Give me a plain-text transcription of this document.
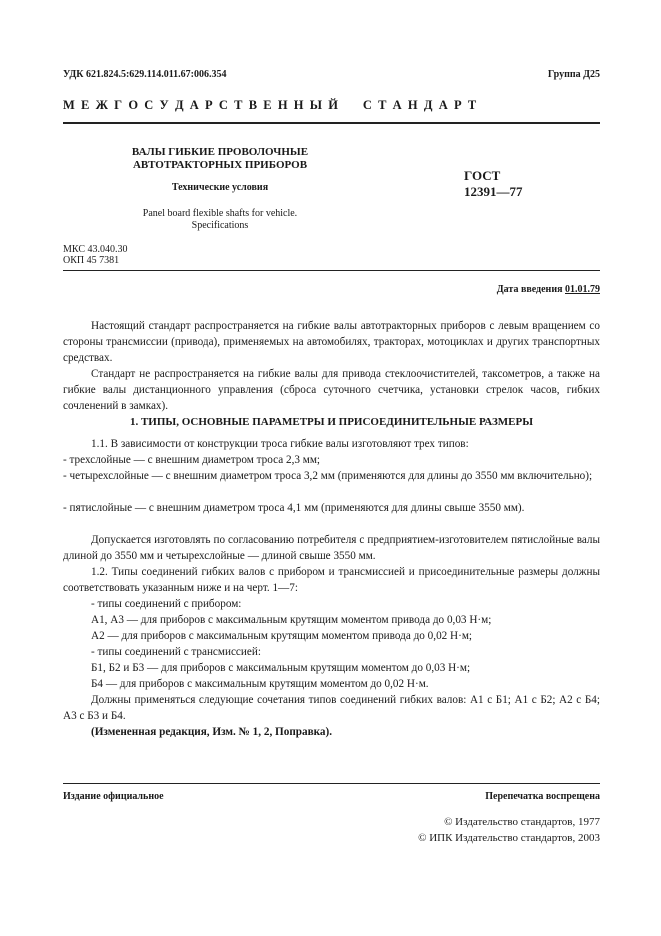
УДК 621.824.5:629.114.011.67:006.354	Группа Д25
М Е Ж Г О С У Д А Р С Т В Е Н Н Ы Й     С Т А Н Д А Р Т
ВАЛЫ ГИБКИЕ ПРОВОЛОЧНЫЕ
АВТОТРАКТОРНЫХ ПРИБОРОВ
Технические условия
Panel board flexible shafts for vehicle.
Specifications
ГОСТ
12391—77
МКС 43.040.30
ОКП 45 7381
Дата введения 01.01.79

Настоящий стандарт распространяется на гибкие валы автотракторных приборов с левым вращением со стороны трансмиссии (привода), применяемых на автомобилях, тракторах, мотоциклах и других транспортных средствах.

Стандарт не распространяется на гибкие валы для привода стеклоочистителей, таксометров, а также на гибкие валы дистанционного управления (сброса суточного счетчика, установки стрелок часов, гибких сочленений в замках).

1. ТИПЫ, ОСНОВНЫЕ ПАРАМЕТРЫ И ПРИСОЕДИНИТЕЛЬНЫЕ РАЗМЕРЫ

1.1. В зависимости от конструкции троса гибкие валы изготовляют трех типов:

- трехслойные — с внешним диаметром троса 2,3 мм;

- четырехслойные — с внешним диаметром троса 3,2 мм (применяются для длины до 3550 мм включительно);

- пятислойные — с внешним диаметром троса 4,1 мм (применяются для длины свыше 3550 мм).

Допускается изготовлять по согласованию потребителя с предприятием-изготовителем пятислойные валы длиной до 3550 мм и четырехслойные — длиной свыше 3550 мм.

1.2. Типы соединений гибких валов с прибором и трансмиссией и присоединительные размеры должны соответствовать указанным ниже и на черт. 1—7:

- типы соединений с прибором:

А1, А3 — для приборов с максимальным крутящим моментом привода до 0,03 Н·м;

А2 — для приборов с максимальным крутящим моментом привода до 0,02 Н·м;

- типы соединений с трансмиссией:

Б1, Б2 и Б3 — для приборов с максимальным крутящим моментом до 0,03 Н·м;

Б4 — для приборов с максимальным крутящим моментом до 0,02 Н·м.

Должны применяться следующие сочетания типов соединений гибких валов: А1 с Б1; А1 с Б2; А2 с Б4; А3 с Б3 и Б4.

(Измененная редакция, Изм. № 1, 2, Поправка).

Издание официальное	Перепечатка воспрещена
© Издательство стандартов, 1977
© ИПК Издательство стандартов, 2003
